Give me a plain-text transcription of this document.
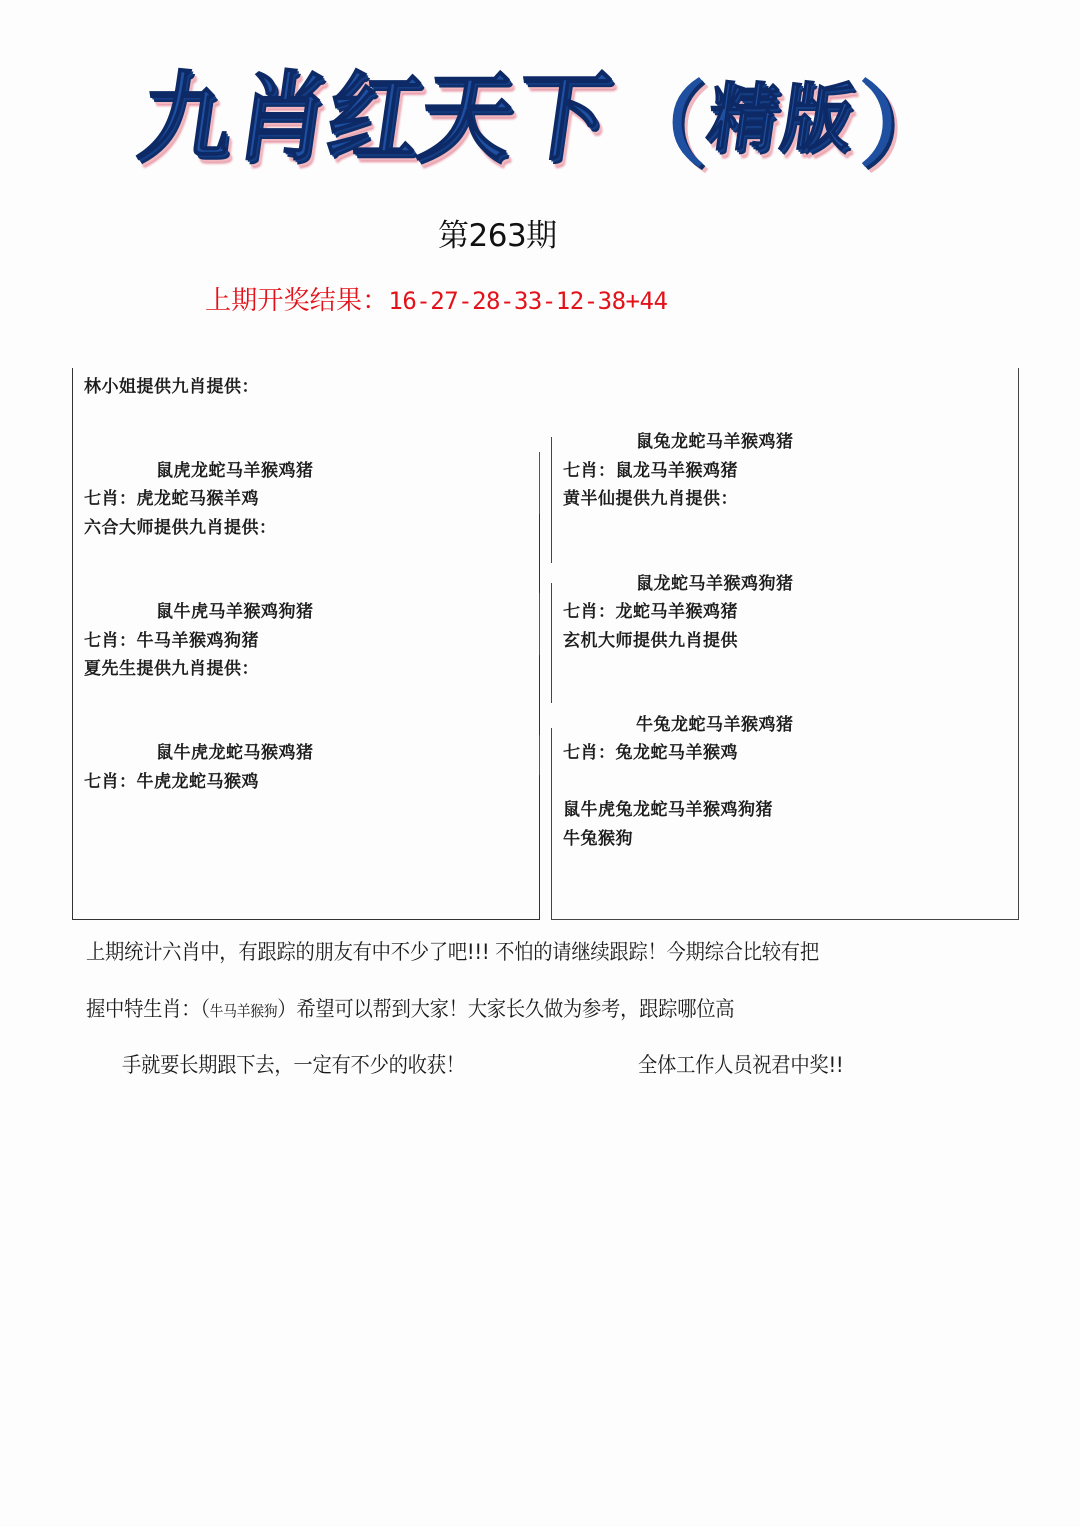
九
肖
红
天
下
（
精
版 ）
第263期
上期开奖结果：16-27-28-33-12-38+44
林小姐提供九肖提供：
鼠虎龙蛇马羊猴鸡猪
七肖：虎龙蛇马猴羊鸡
六合大师提供九肖提供：
鼠牛虎马羊猴鸡狗猪
七肖：牛马羊猴鸡狗猪
夏先生提供九肖提供：
鼠牛虎龙蛇马猴鸡猪
七肖：牛虎龙蛇马猴鸡
鼠兔龙蛇马羊猴鸡猪
七肖：鼠龙马羊猴鸡猪
黄半仙提供九肖提供：
鼠龙蛇马羊猴鸡狗猪
七肖：龙蛇马羊猴鸡猪
玄机大师提供九肖提供
牛兔龙蛇马羊猴鸡猪
七肖：兔龙蛇马羊猴鸡
鼠牛虎兔龙蛇马羊猴鸡狗猪
牛兔猴狗
上期统计六肖中，有跟踪的朋友有中不少了吧!!! 不怕的请继续跟踪！今期综合比较有把
握中特生肖：（牛马羊猴狗）希望可以帮到大家！大家长久做为参考，跟踪哪位高
手就要长期跟下去，一定有不少的收获！	全体工作人员祝君中奖!!
